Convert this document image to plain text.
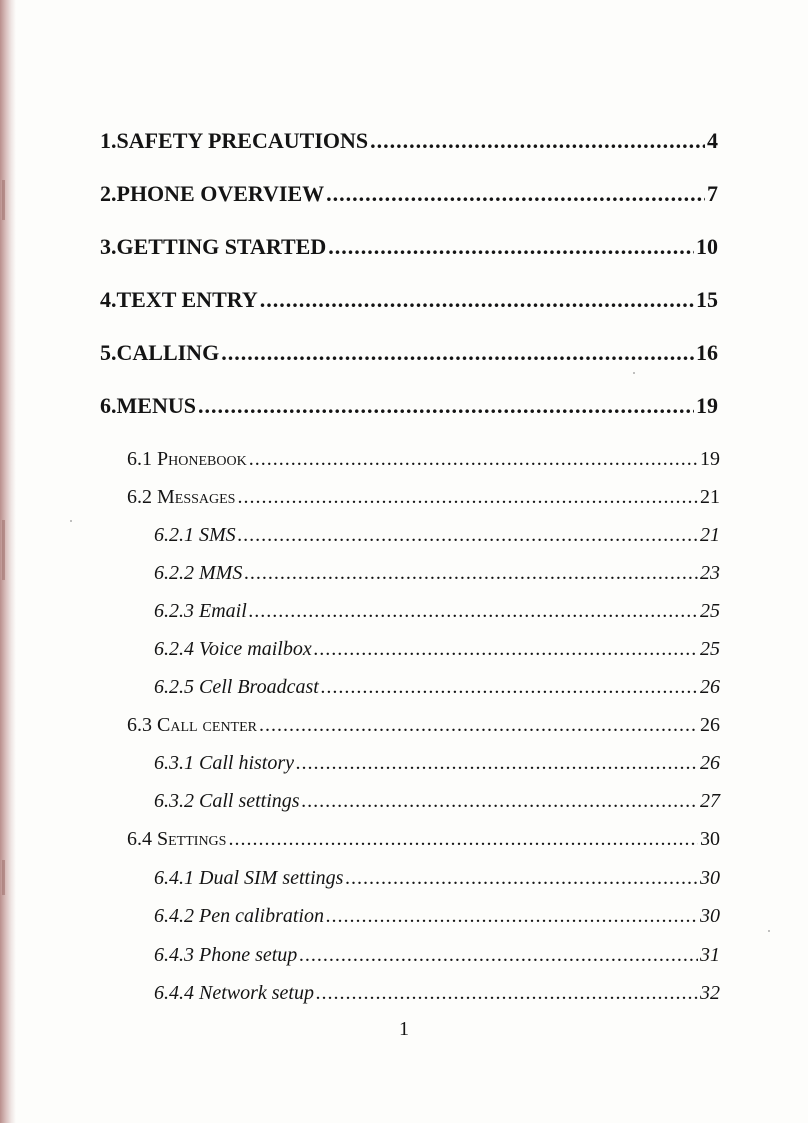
1. SAFETY PRECAUTIONS .....	4
2. PHONE OVERVIEW .....	7
3. GETTING STARTED .....	10
4. TEXT ENTRY .....	15
5. CALLING .....	16
6. MENUS .....	19
6.1 Phonebook .....	19
6.2 Messages .....	21
6.2.1 SMS .....	21
6.2.2 MMS .....	23
6.2.3 Email .....	25
6.2.4 Voice mailbox .....	25
6.2.5 Cell Broadcast .....	26
6.3 Call center .....	26
6.3.1 Call history .....	26
6.3.2 Call settings .....	27
6.4 Settings .....	30
6.4.1 Dual SIM settings .....	30
6.4.2 Pen calibration .....	30
6.4.3 Phone setup .....	31
6.4.4 Network setup .....	32
1
